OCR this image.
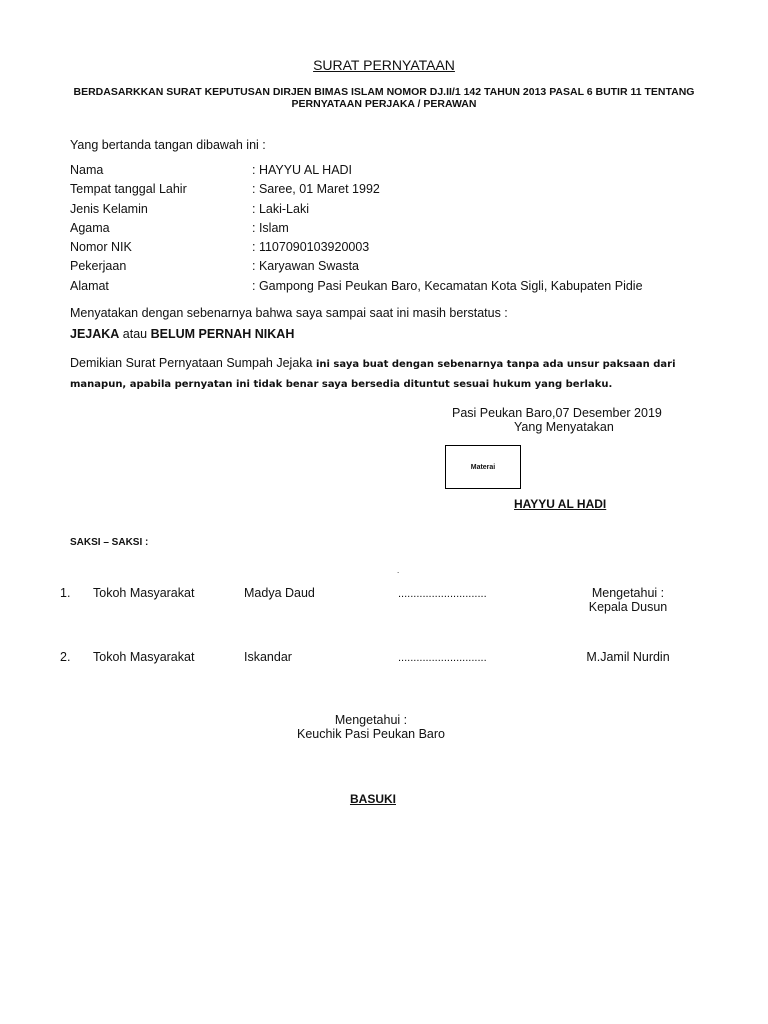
SURAT PERNYATAAN
BERDASARKKAN SURAT KEPUTUSAN DIRJEN BIMAS ISLAM NOMOR DJ.II/1 142 TAHUN 2013 PASAL 6 BUTIR 11 TENTANG PERNYATAAN PERJAKA / PERAWAN
Yang bertanda tangan dibawah ini :
Nama	: HAYYU AL HADI
Tempat tanggal Lahir	: Saree, 01 Maret 1992
Jenis Kelamin	: Laki-Laki
Agama	: Islam
Nomor NIK	: 1107090103920003
Pekerjaan	: Karyawan Swasta
Alamat	: Gampong Pasi Peukan Baro, Kecamatan Kota Sigli, Kabupaten Pidie
Menyatakan dengan sebenarnya bahwa saya sampai saat ini masih berstatus :
JEJAKA atau BELUM PERNAH NIKAH
Demikian Surat Pernyataan Sumpah Jejaka ini saya buat dengan sebenarnya tanpa ada unsur paksaan dari
manapun, apabila pernyatan ini tidak benar saya bersedia dituntut sesuai hukum yang berlaku.
Pasi Peukan Baro,07 Desember 2019
Yang Menyatakan
Materai
HAYYU AL HADI
SAKSI – SAKSI :
.
1. Tokoh Masyarakat	Madya Daud	.............................	Mengetahui :
Kepala Dusun
2. Tokoh Masyarakat	Iskandar	.............................	M.Jamil Nurdin
Mengetahui :
Keuchik Pasi Peukan Baro
BASUKI
